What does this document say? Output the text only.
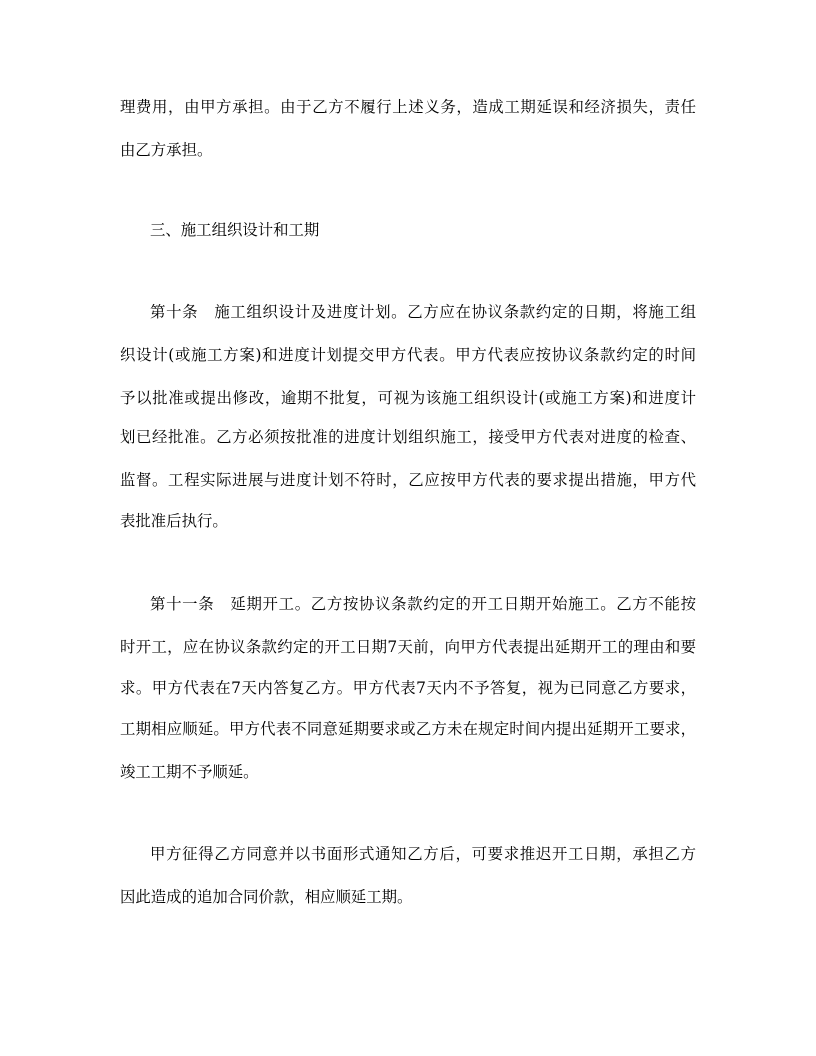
理费用，由甲方承担。由于乙方不履行上述义务，造成工期延误和经济损失，责任
由乙方承担。
三、施工组织设计和工期
第十条　施工组织设计及进度计划。乙方应在协议条款约定的日期，将施工组
织设计(或施工方案)和进度计划提交甲方代表。甲方代表应按协议条款约定的时间
予以批准或提出修改，逾期不批复，可视为该施工组织设计(或施工方案)和进度计
划已经批准。乙方必须按批准的进度计划组织施工，接受甲方代表对进度的检查、
监督。工程实际进展与进度计划不符时，乙应按甲方代表的要求提出措施，甲方代
表批准后执行。
第十一条　延期开工。乙方按协议条款约定的开工日期开始施工。乙方不能按
时开工，应在协议条款约定的开工日期7天前，向甲方代表提出延期开工的理由和要
求。甲方代表在7天内答复乙方。甲方代表7天内不予答复，视为已同意乙方要求，
工期相应顺延。甲方代表不同意延期要求或乙方未在规定时间内提出延期开工要求，
竣工工期不予顺延。
甲方征得乙方同意并以书面形式通知乙方后，可要求推迟开工日期，承担乙方
因此造成的追加合同价款，相应顺延工期。
